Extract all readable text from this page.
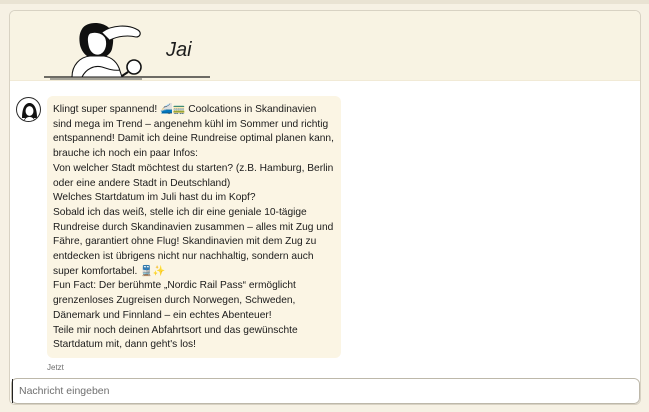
Jai

Klingt super spannend! 🚄🚃 Coolcations in Skandinavien sind mega im Trend – angenehm kühl im Sommer und richtig entspannend! Damit ich deine Rundreise optimal planen kann, brauche ich noch ein paar Infos:

Von welcher Stadt möchtest du starten? (z.B. Hamburg, Berlin oder eine andere Stadt in Deutschland)

Welches Startdatum im Juli hast du im Kopf?

Sobald ich das weiß, stelle ich dir eine geniale 10-tägige Rundreise durch Skandinavien zusammen – alles mit Zug und Fähre, garantiert ohne Flug! Skandinavien mit dem Zug zu entdecken ist übrigens nicht nur nachhaltig, sondern auch super komfortabel. 🚆✨

Fun Fact: Der berühmte „Nordic Rail Pass“ ermöglicht grenzenloses Zugreisen durch Norwegen, Schweden, Dänemark und Finnland – ein echtes Abenteuer!

Teile mir noch deinen Abfahrtsort und das gewünschte Startdatum mit, dann geht's los!

Jetzt
Nachricht eingeben
